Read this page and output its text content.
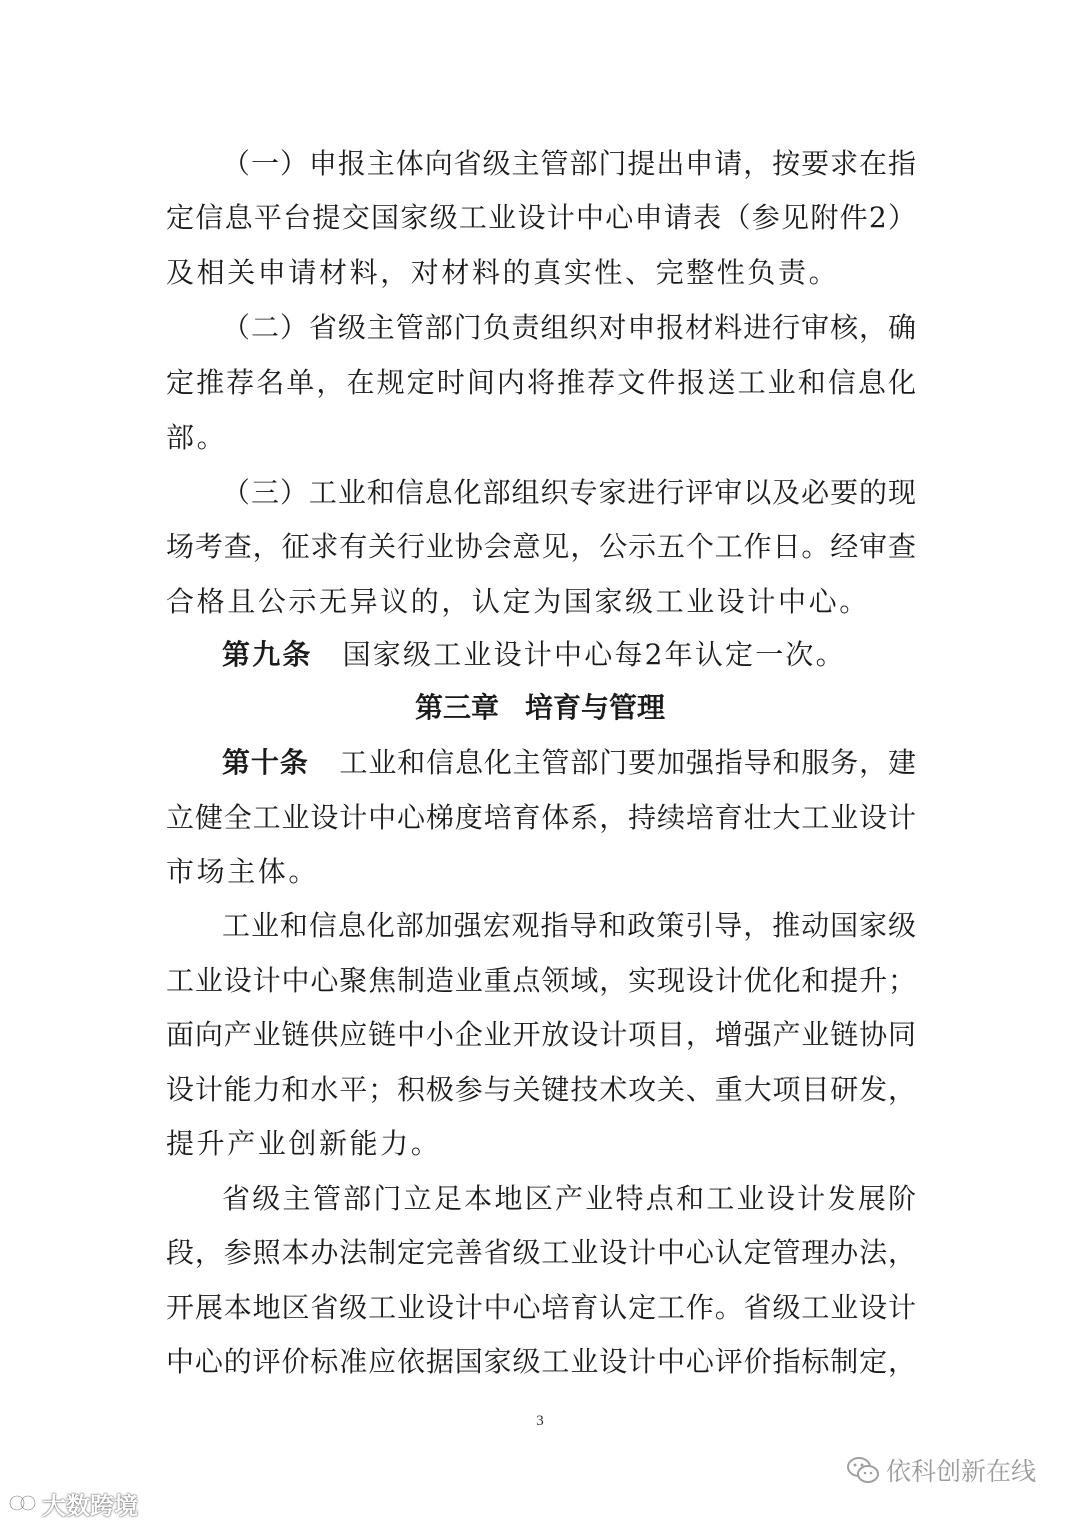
（一）申报主体向省级主管部门提出申请，按要求在指
定信息平台提交国家级工业设计中心申请表（参见附件2）
及相关申请材料，对材料的真实性、完整性负责。
（二）省级主管部门负责组织对申报材料进行审核，确
定推荐名单，在规定时间内将推荐文件报送工业和信息化
部。
（三）工业和信息化部组织专家进行评审以及必要的现
场考查，征求有关行业协会意见，公示五个工作日。经审查
合格且公示无异议的，认定为国家级工业设计中心。
第九条 国家级工业设计中心每2年认定一次。
第三章 培育与管理
第十条 工业和信息化主管部门要加强指导和服务，建
立健全工业设计中心梯度培育体系，持续培育壮大工业设计
市场主体。
工业和信息化部加强宏观指导和政策引导，推动国家级
工业设计中心聚焦制造业重点领域，实现设计优化和提升；
面向产业链供应链中小企业开放设计项目，增强产业链协同
设计能力和水平；积极参与关键技术攻关、重大项目研发，
提升产业创新能力。
省级主管部门立足本地区产业特点和工业设计发展阶
段，参照本办法制定完善省级工业设计中心认定管理办法，
开展本地区省级工业设计中心培育认定工作。省级工业设计
中心的评价标准应依据国家级工业设计中心评价指标制定，
3
依科创新在线
大数跨境
